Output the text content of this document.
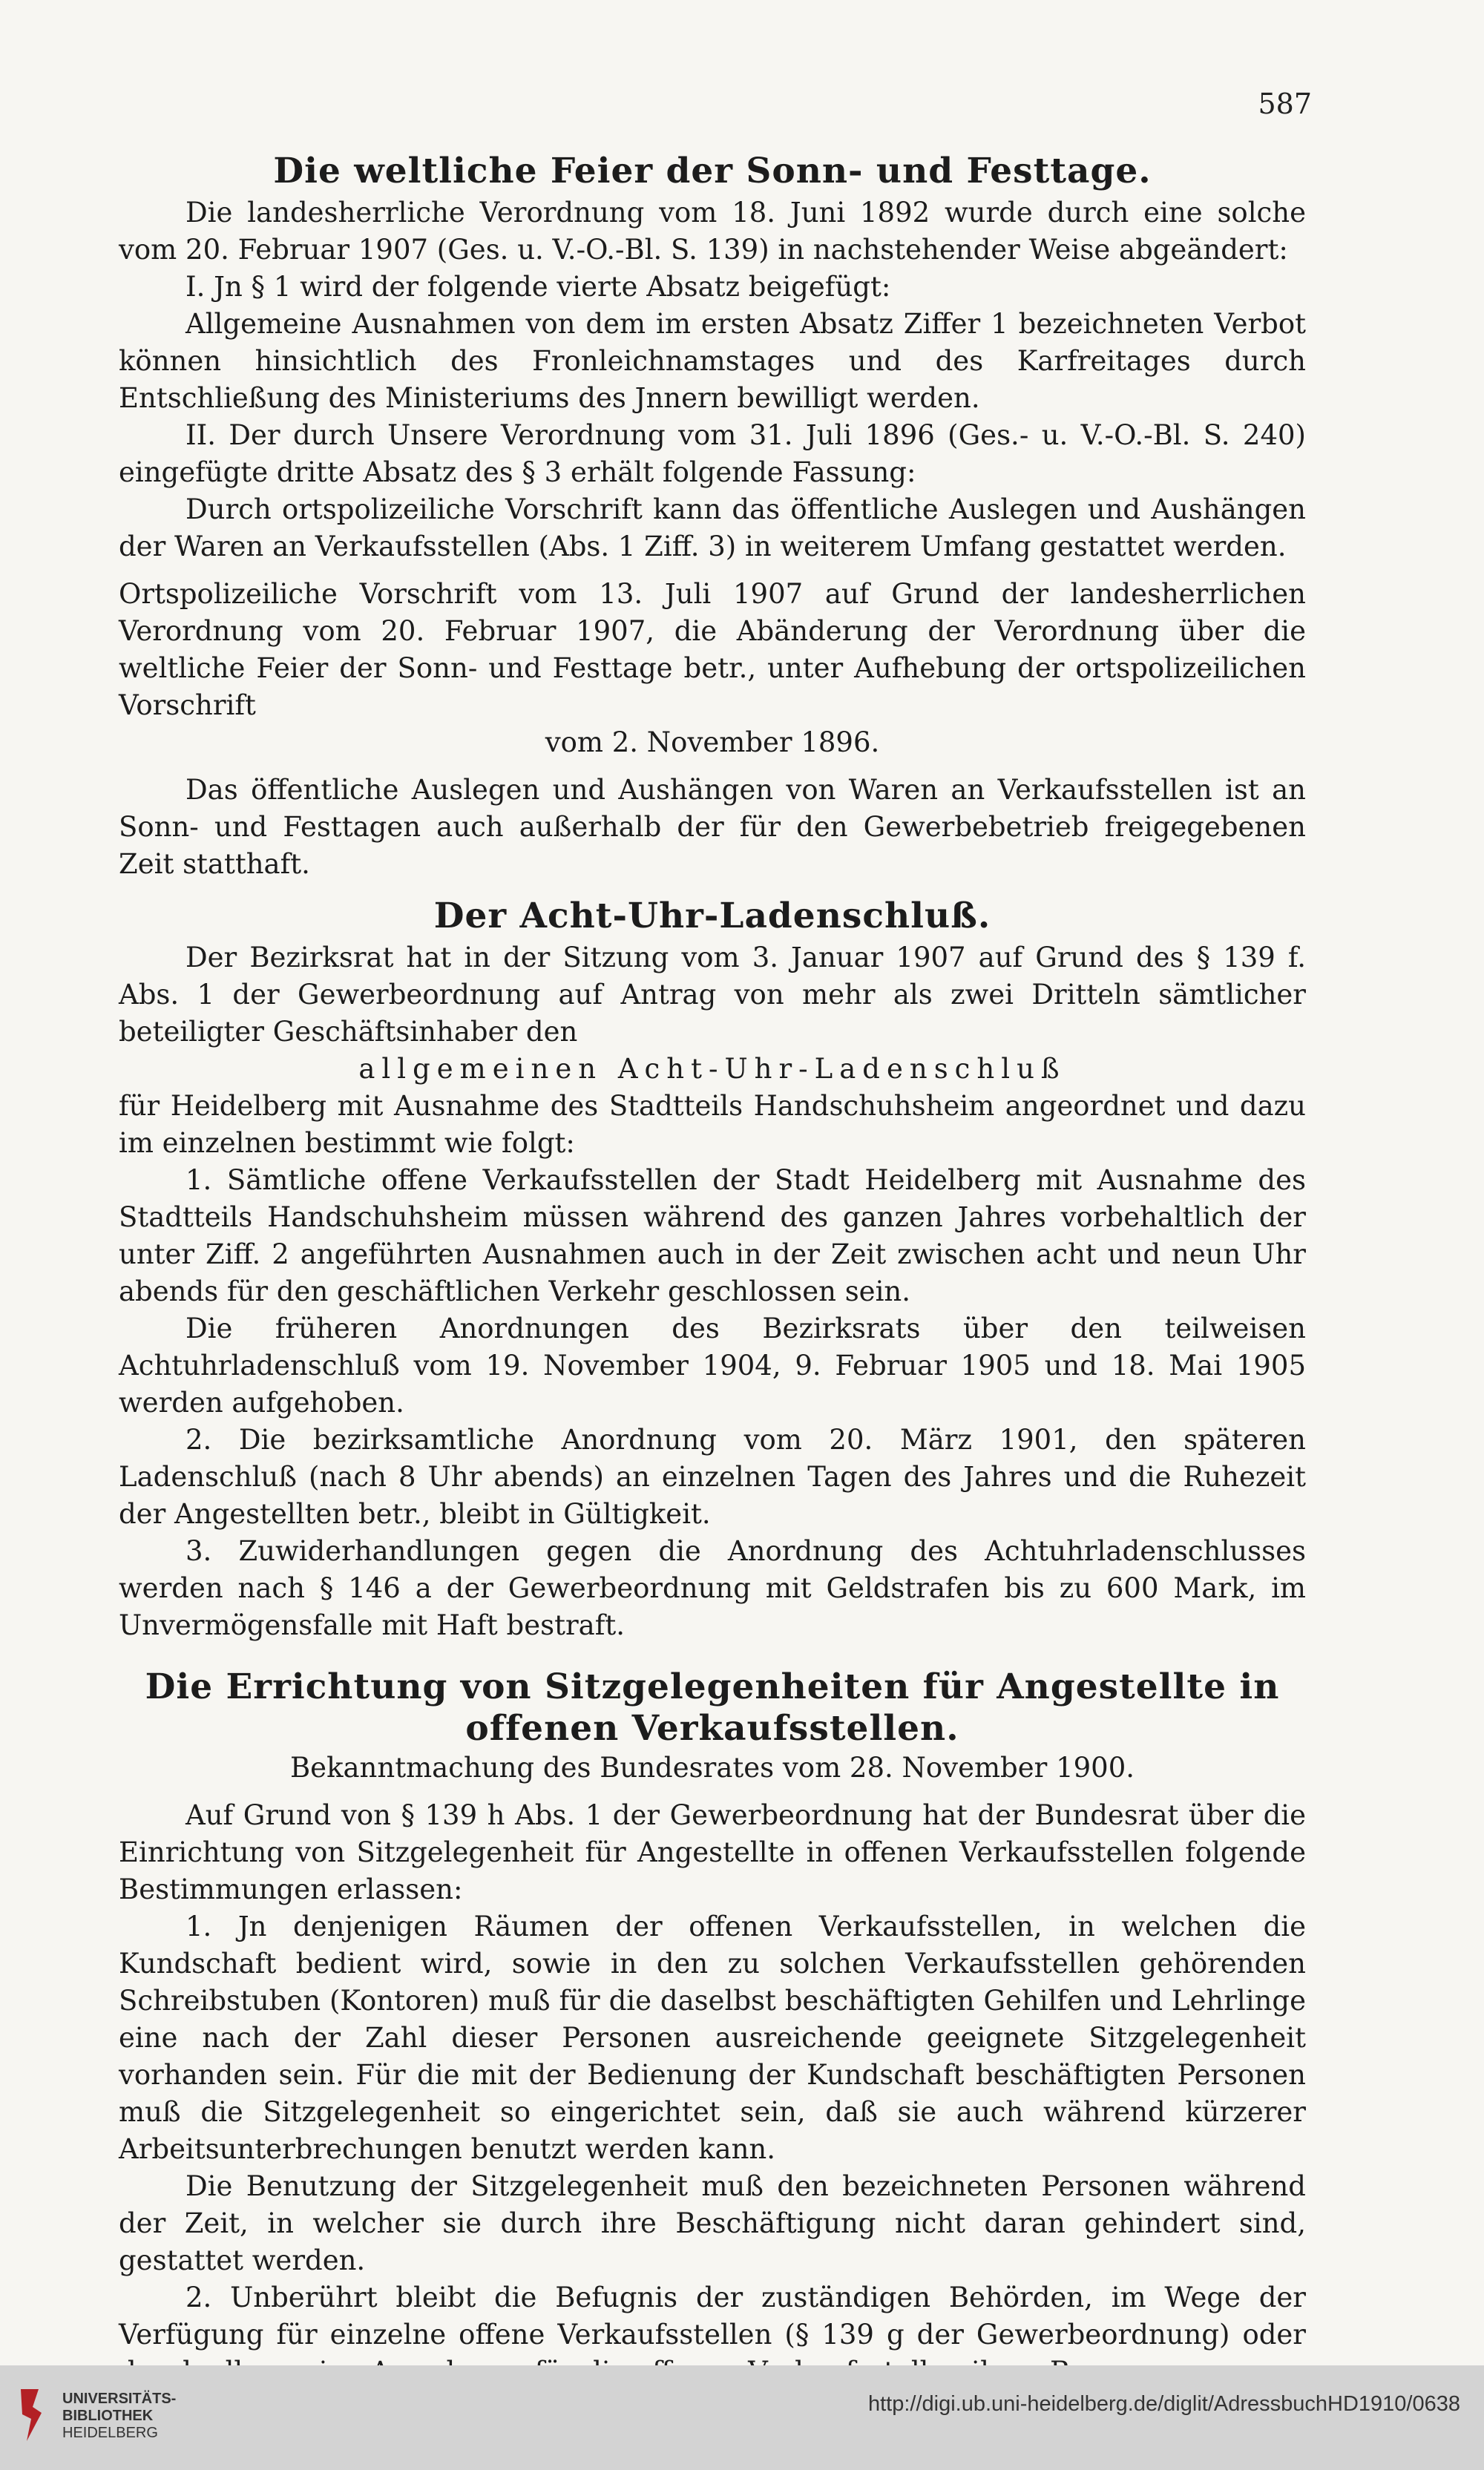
587
Die weltliche Feier der Sonn- und Festtage.

Die landesherrliche Verordnung vom 18. Juni 1892 wurde durch eine solche vom 20. Februar 1907 (Ges. u. V.-O.-Bl. S. 139) in nachstehender Weise abgeändert:

I. Jn § 1 wird der folgende vierte Absatz beigefügt:

Allgemeine Ausnahmen von dem im ersten Absatz Ziffer 1 bezeichneten Verbot können hinsichtlich des Fronleichnamstages und des Karfreitages durch Entschließung des Ministeriums des Jnnern bewilligt werden.

II. Der durch Unsere Verordnung vom 31. Juli 1896 (Ges.- u. V.-O.-Bl. S. 240) eingefügte dritte Absatz des § 3 erhält folgende Fassung:

Durch ortspolizeiliche Vorschrift kann das öffentliche Auslegen und Aushängen der Waren an Verkaufsstellen (Abs. 1 Ziff. 3) in weiterem Umfang gestattet werden.

Ortspolizeiliche Vorschrift vom 13. Juli 1907 auf Grund der landesherrlichen Verordnung vom 20. Februar 1907, die Abänderung der Verordnung über die weltliche Feier der Sonn- und Festtage betr., unter Aufhebung der ortspolizeilichen Vorschrift

vom 2. November 1896.

Das öffentliche Auslegen und Aushängen von Waren an Verkaufsstellen ist an Sonn- und Festtagen auch außerhalb der für den Gewerbebetrieb freigegebenen Zeit statthaft.

Der Acht-Uhr-Ladenschluß.

Der Bezirksrat hat in der Sitzung vom 3. Januar 1907 auf Grund des § 139 f. Abs. 1 der Gewerbeordnung auf Antrag von mehr als zwei Dritteln sämtlicher beteiligter Geschäftsinhaber den

allgemeinen Acht-Uhr-Ladenschluß

für Heidelberg mit Ausnahme des Stadtteils Handschuhsheim angeordnet und dazu im einzelnen bestimmt wie folgt:

1. Sämtliche offene Verkaufsstellen der Stadt Heidelberg mit Ausnahme des Stadtteils Handschuhsheim müssen während des ganzen Jahres vorbehaltlich der unter Ziff. 2 angeführten Ausnahmen auch in der Zeit zwischen acht und neun Uhr abends für den geschäftlichen Verkehr geschlossen sein.

Die früheren Anordnungen des Bezirksrats über den teilweisen Achtuhrladenschluß vom 19. November 1904, 9. Februar 1905 und 18. Mai 1905 werden aufgehoben.

2. Die bezirksamtliche Anordnung vom 20. März 1901, den späteren Ladenschluß (nach 8 Uhr abends) an einzelnen Tagen des Jahres und die Ruhezeit der Angestellten betr., bleibt in Gültigkeit.

3. Zuwiderhandlungen gegen die Anordnung des Achtuhrladenschlusses werden nach § 146 a der Gewerbeordnung mit Geldstrafen bis zu 600 Mark, im Unvermögensfalle mit Haft bestraft.

Die Errichtung von Sitzgelegenheiten für Angestellte in offenen Verkaufsstellen.

Bekanntmachung des Bundesrates vom 28. November 1900.

Auf Grund von § 139 h Abs. 1 der Gewerbeordnung hat der Bundesrat über die Einrichtung von Sitzgelegenheit für Angestellte in offenen Verkaufsstellen folgende Bestimmungen erlassen:

1. Jn denjenigen Räumen der offenen Verkaufsstellen, in welchen die Kundschaft bedient wird, sowie in den zu solchen Verkaufsstellen gehörenden Schreibstuben (Kontoren) muß für die daselbst beschäftigten Gehilfen und Lehrlinge eine nach der Zahl dieser Personen ausreichende geeignete Sitzgelegenheit vorhanden sein. Für die mit der Bedienung der Kundschaft beschäftigten Personen muß die Sitzgelegenheit so eingerichtet sein, daß sie auch während kürzerer Arbeitsunterbrechungen benutzt werden kann.

Die Benutzung der Sitzgelegenheit muß den bezeichneten Personen während der Zeit, in welcher sie durch ihre Beschäftigung nicht daran gehindert sind, gestattet werden.

2. Unberührt bleibt die Befugnis der zuständigen Behörden, im Wege der Verfügung für einzelne offene Verkaufsstellen (§ 139 g der Gewerbeordnung) oder

UNIVERSITÄTS-
BIBLIOTHEK
HEIDELBERG
http://digi.ub.uni-heidelberg.de/diglit/AdressbuchHD1910/0638
